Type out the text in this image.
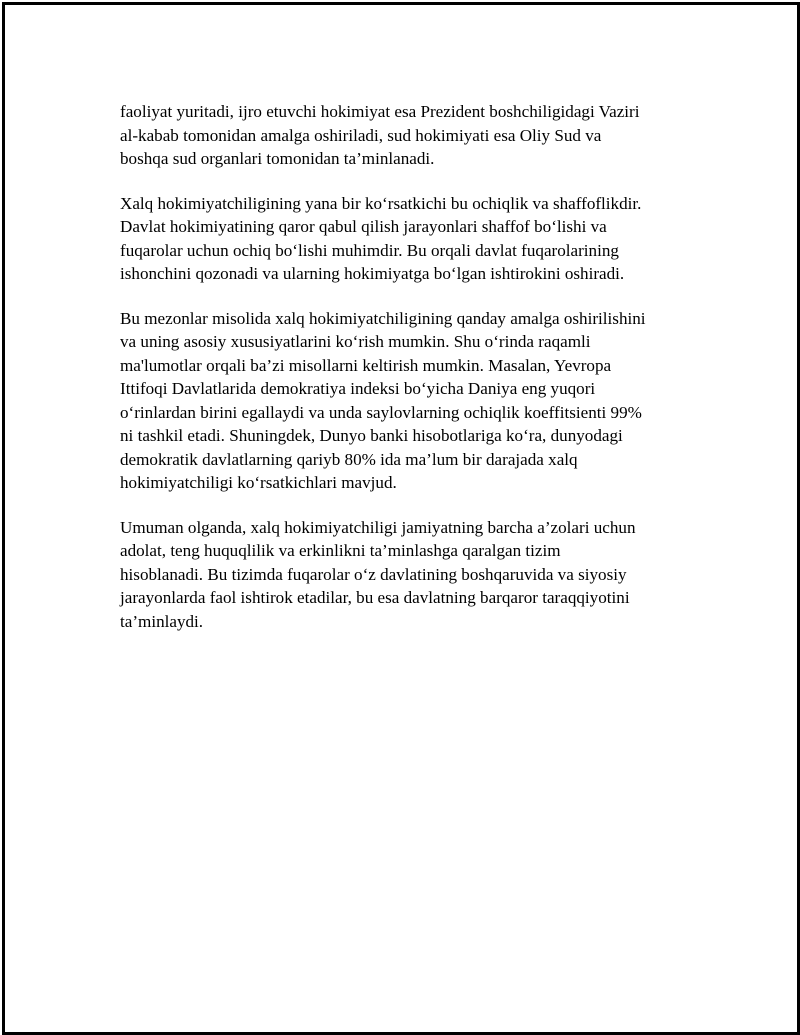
faoliyat yuritadi, ijro etuvchi hokimiyat esa Prezident boshchiligidagi Vaziri
al-kabab tomonidan amalga oshiriladi, sud hokimiyati esa Oliy Sud va
boshqa sud organlari tomonidan ta’minlanadi.

Xalq hokimiyatchiligining yana bir ko‘rsatkichi bu ochiqlik va shaffoflikdir.
Davlat hokimiyatining qaror qabul qilish jarayonlari shaffof bo‘lishi va
fuqarolar uchun ochiq bo‘lishi muhimdir. Bu orqali davlat fuqarolarining
ishonchini qozonadi va ularning hokimiyatga bo‘lgan ishtirokini oshiradi.

Bu mezonlar misolida xalq hokimiyatchiligining qanday amalga oshirilishini
va uning asosiy xususiyatlarini ko‘rish mumkin. Shu o‘rinda raqamli
ma'lumotlar orqali ba’zi misollarni keltirish mumkin. Masalan, Yevropa
Ittifoqi Davlatlarida demokratiya indeksi bo‘yicha Daniya eng yuqori
o‘rinlardan birini egallaydi va unda saylovlarning ochiqlik koeffitsienti 99%
ni tashkil etadi. Shuningdek, Dunyo banki hisobotlariga ko‘ra, dunyodagi
demokratik davlatlarning qariyb 80% ida ma’lum bir darajada xalq
hokimiyatchiligi ko‘rsatkichlari mavjud.

Umuman olganda, xalq hokimiyatchiligi jamiyatning barcha a’zolari uchun
adolat, teng huquqlilik va erkinlikni ta’minlashga qaralgan tizim
hisoblanadi. Bu tizimda fuqarolar o‘z davlatining boshqaruvida va siyosiy
jarayonlarda faol ishtirok etadilar, bu esa davlatning barqaror taraqqiyotini
ta’minlaydi.
